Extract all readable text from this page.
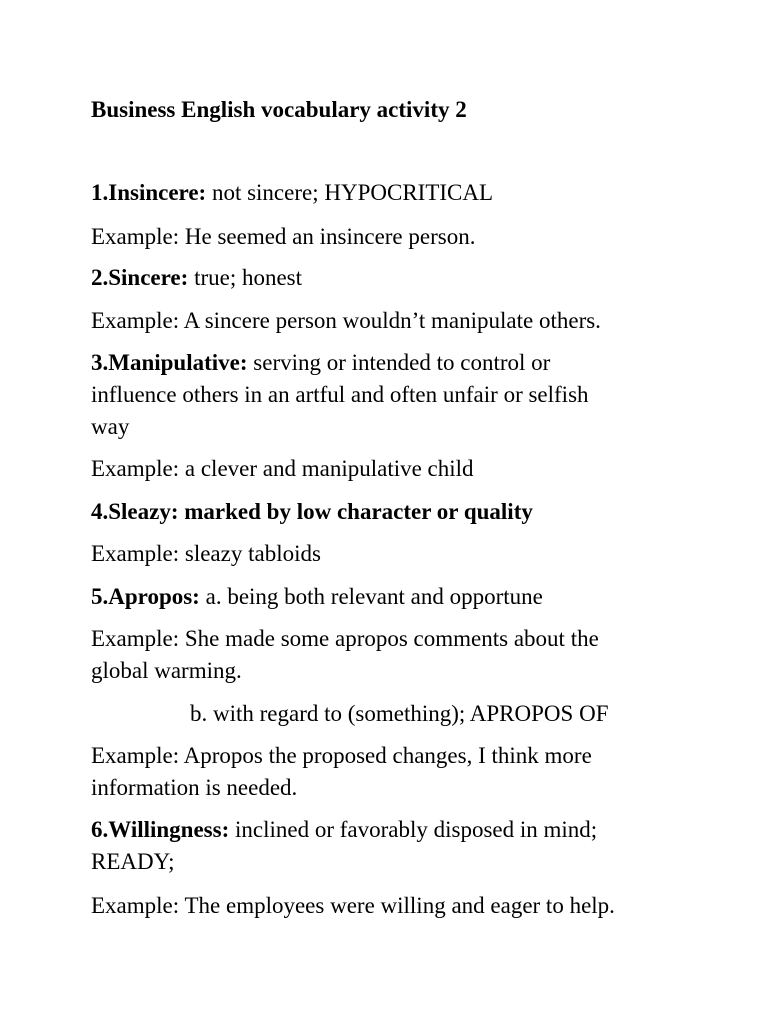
Business English vocabulary activity 2
1.Insincere: not sincere; HYPOCRITICAL
Example: He seemed an insincere person.
2.Sincere: true; honest
Example: A sincere person wouldn’t manipulate others.
3.Manipulative: serving or intended to control or
influence others in an artful and often unfair or selfish
way
Example: a clever and manipulative child
4.Sleazy: marked by low character or quality
Example: sleazy tabloids
5.Apropos: a. being both relevant and opportune
Example: She made some apropos comments about the
global warming.
b. with regard to (something); APROPOS OF
Example: Apropos the proposed changes, I think more
information is needed.
6.Willingness: inclined or favorably disposed in mind;
READY;
Example: The employees were willing and eager to help.
